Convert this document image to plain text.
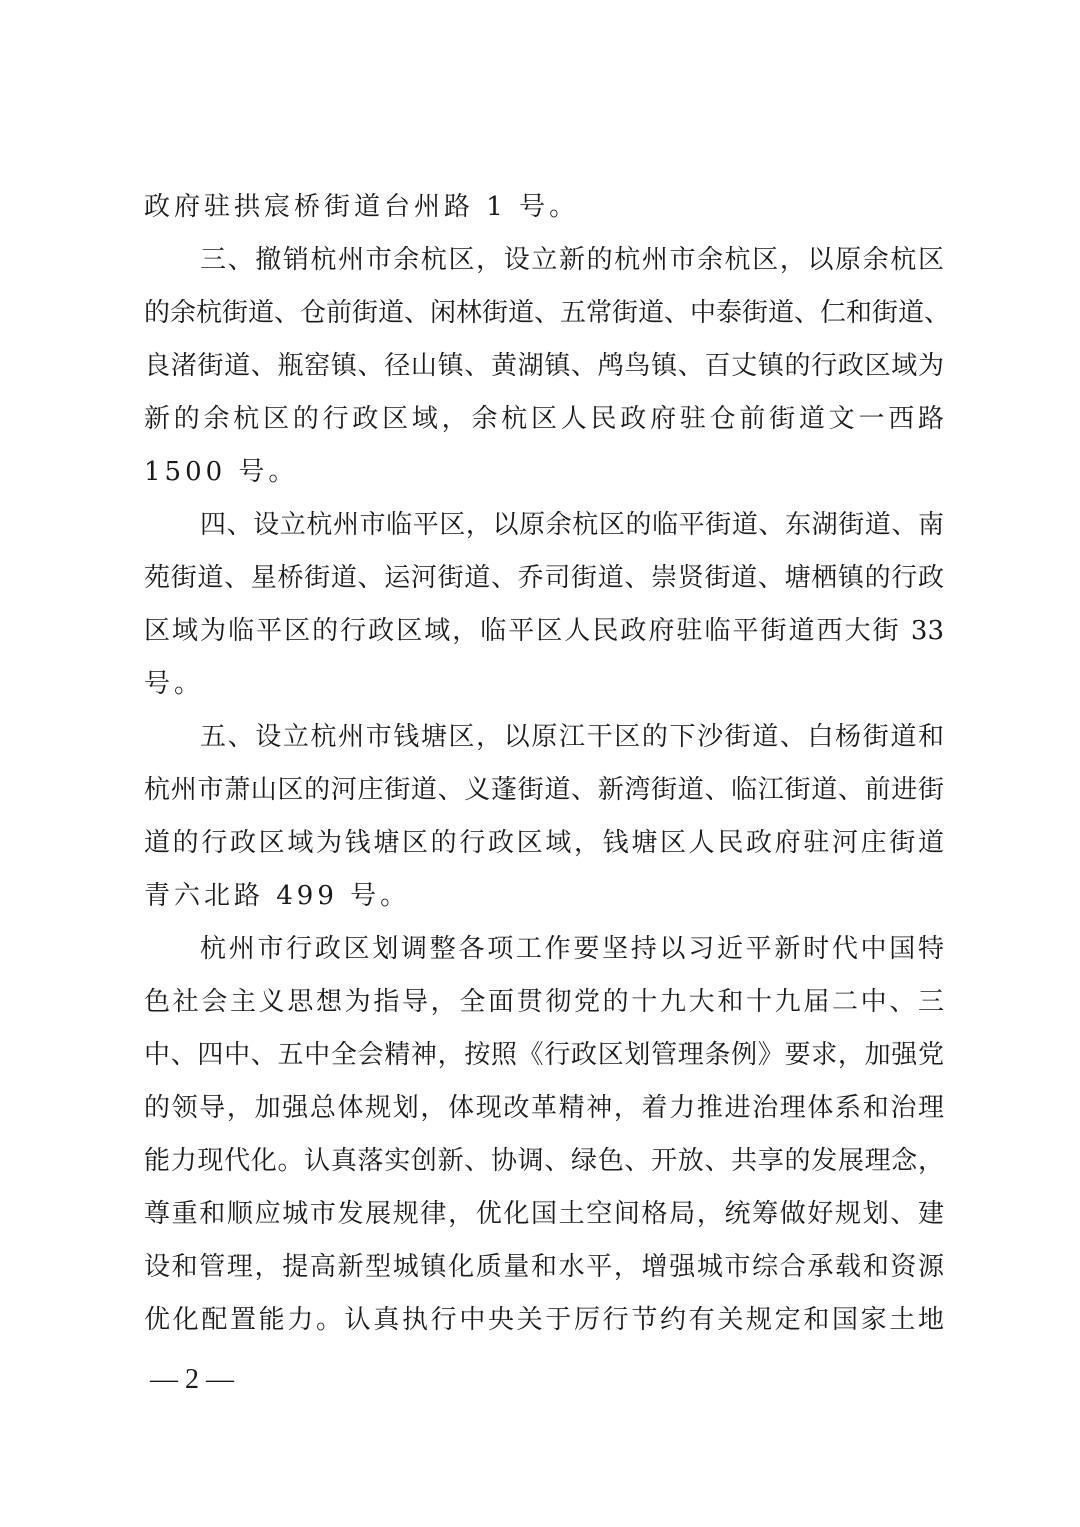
政府驻拱宸桥街道台州路 1 号。
三、撤销杭州市余杭区，设立新的杭州市余杭区，以原余杭区
的余杭街道、仓前街道、闲林街道、五常街道、中泰街道、仁和街道、
良渚街道、瓶窑镇、径山镇、黄湖镇、鸬鸟镇、百丈镇的行政区域为
新的余杭区的行政区域，余杭区人民政府驻仓前街道文一西路
1500 号。
四、设立杭州市临平区，以原余杭区的临平街道、东湖街道、南
苑街道、星桥街道、运河街道、乔司街道、崇贤街道、塘栖镇的行政
区域为临平区的行政区域，临平区人民政府驻临平街道西大街 33
号。
五、设立杭州市钱塘区，以原江干区的下沙街道、白杨街道和
杭州市萧山区的河庄街道、义蓬街道、新湾街道、临江街道、前进街
道的行政区域为钱塘区的行政区域，钱塘区人民政府驻河庄街道
青六北路 499 号。
杭州市行政区划调整各项工作要坚持以习近平新时代中国特
色社会主义思想为指导，全面贯彻党的十九大和十九届二中、三
中、四中、五中全会精神，按照《行政区划管理条例》要求，加强党
的领导，加强总体规划，体现改革精神，着力推进治理体系和治理
能力现代化。认真落实创新、协调、绿色、开放、共享的发展理念，
尊重和顺应城市发展规律，优化国土空间格局，统筹做好规划、建
设和管理，提高新型城镇化质量和水平，增强城市综合承载和资源
优化配置能力。认真执行中央关于厉行节约有关规定和国家土地
— 2 —
